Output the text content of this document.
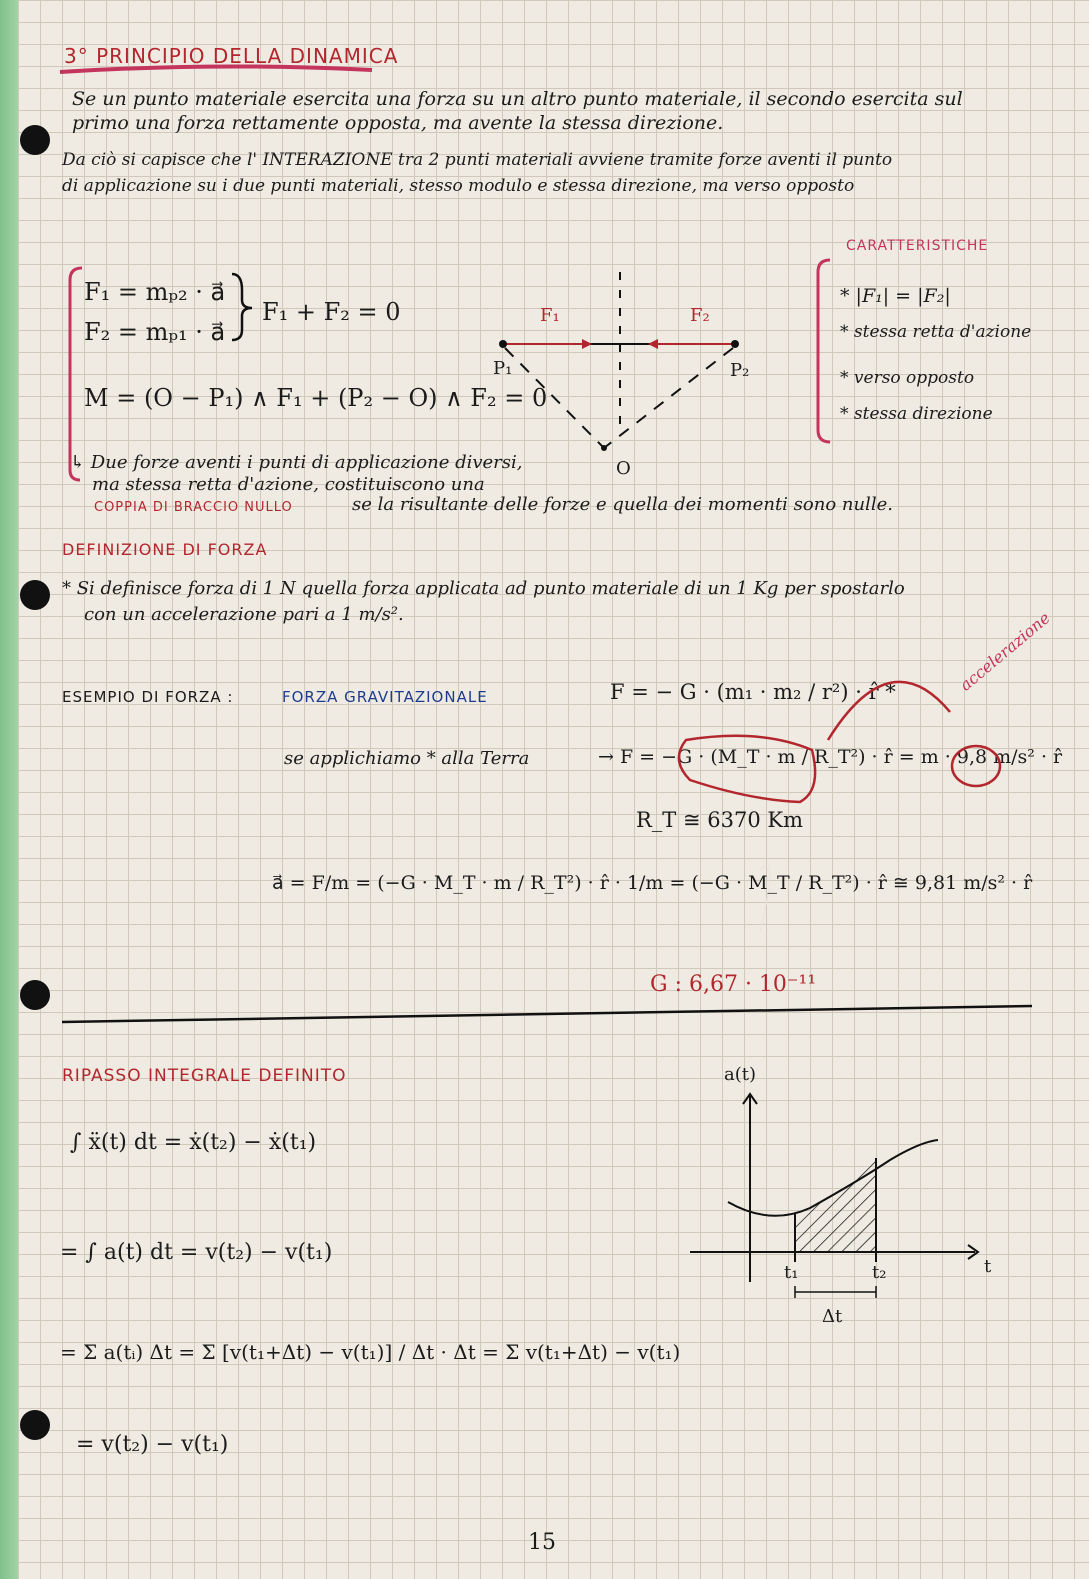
3° PRINCIPIO DELLA DINAMICA
Se un punto materiale esercita una forza su un altro punto materiale, il secondo esercita sul
primo una forza rettamente opposta, ma avente la stessa direzione.
Da ciò si capisce che l' INTERAZIONE tra 2 punti materiali avviene tramite forze aventi il punto
di applicazione su i due punti materiali, stesso modulo e stessa direzione, ma verso opposto
F₁ = mₚ₂ · a⃗
F₂ = mₚ₁ · a⃗
F₁ + F₂ = 0
M = (O − P₁) ∧ F₁ + (P₂ − O) ∧ F₂ = 0
F₁	F₂
P₁	P₂
O
CARATTERISTICHE
* |F₁| = |F₂|
* stessa retta d'azione
* verso opposto
* stessa direzione
↳ Due forze aventi i punti di applicazione diversi,
ma stessa retta d'azione, costituiscono una
COPPIA DI BRACCIO NULLO	se la risultante delle forze e quella dei momenti sono nulle.
DEFINIZIONE DI FORZA
* Si definisce forza di 1 N quella forza applicata ad punto materiale di un 1 Kg per spostarlo
con un accelerazione pari a 1 m/s².
ESEMPIO DI FORZA :	FORZA GRAVITAZIONALE	F = − G · (m₁ · m₂ / r²) · r̂ *	accelerazione
se applichiamo * alla Terra	→ F = −G · (M_T · m / R_T²) · r̂ = m · 9,8 m/s² · r̂
R_T ≅ 6370 Km
a⃗ = F/m = (−G · M_T · m / R_T²) · r̂ · 1/m = (−G · M_T / R_T²) · r̂ ≅ 9,81 m/s² · r̂
G : 6,67 · 10⁻¹¹
RIPASSO INTEGRALE DEFINITO
∫ ẍ(t) dt = ẋ(t₂) − ẋ(t₁)
= ∫ a(t) dt = v(t₂) − v(t₁)
= Σ a(tᵢ) Δt = Σ [v(t₁+Δt) − v(t₁)] / Δt · Δt = Σ v(t₁+Δt) − v(t₁)
= v(t₂) − v(t₁)
a(t)
t
t₁	t₂
Δt
15
